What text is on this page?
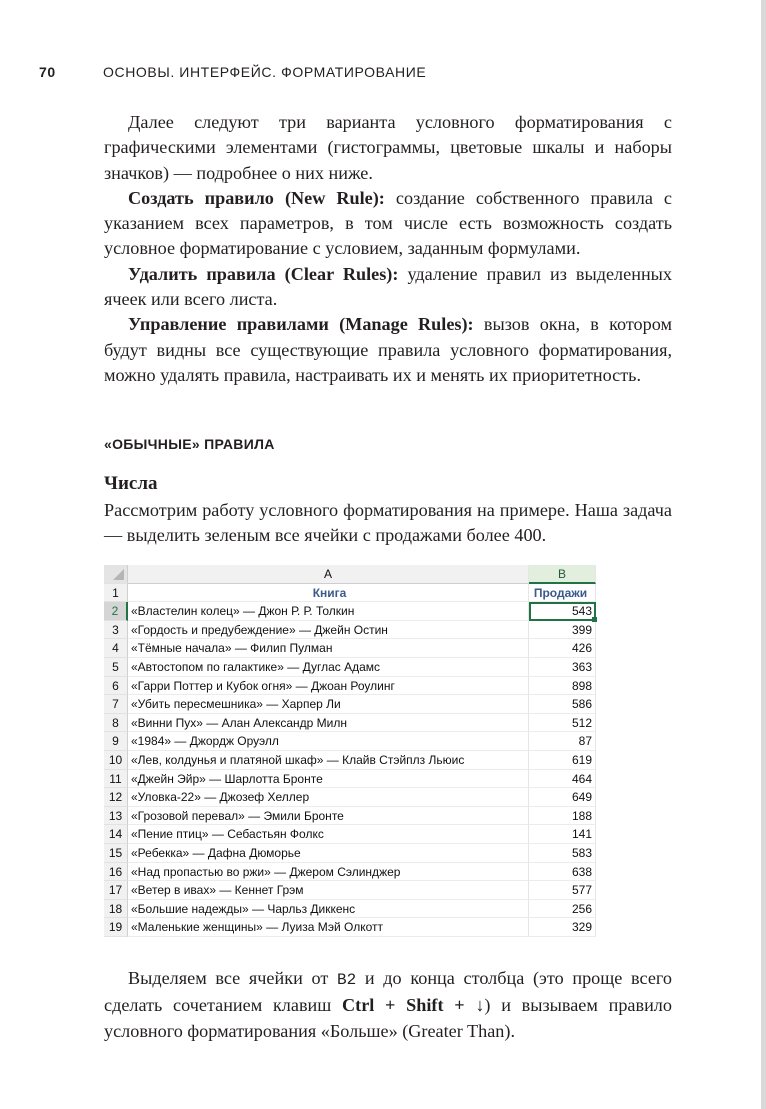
70	ОСНОВЫ. ИНТЕРФЕЙС. ФОРМАТИРОВАНИЕ

Далее следуют три варианта условного форматирования с графическими элементами (гистограммы, цветовые шкалы и наборы значков) — подробнее о них ниже.

Создать правило (New Rule): создание собственного правила с указанием всех параметров, в том числе есть возможность создать условное форматирование с условием, заданным формулами.

Удалить правила (Clear Rules): удаление правил из выделенных ячеек или всего листа.

Управление правилами (Manage Rules): вызов окна, в котором будут видны все существующие правила условного форматирования, можно удалять правила, настраивать их и менять их приоритетность.

«ОБЫЧНЫЕ» ПРАВИЛА
Числа
Рассмотрим работу условного форматирования на примере. Наша задача — выделить зеленым все ячейки с продажами более 400.
A	B
1	Книга	Продажи
2	«Властелин колец» — Джон Р. Р. Толкин	543
3	«Гордость и предубеждение» — Джейн Остин	399
4	«Тёмные начала» — Филип Пулман	426
5	«Автостопом по галактике» — Дуглас Адамс	363
6	«Гарри Поттер и Кубок огня» — Джоан Роулинг	898
7	«Убить пересмешника» — Харпер Ли	586
8	«Винни Пух» — Алан Александр Милн	512
9	«1984» — Джордж Оруэлл	87
10 «Лев, колдунья и платяной шкаф» — Клайв Стэйплз Льюис	619
11 «Джейн Эйр» — Шарлотта Бронте	464
12 «Уловка-22» — Джозеф Хеллер	649
13 «Грозовой перевал» — Эмили Бронте	188
14 «Пение птиц» — Себастьян Фолкс	141
15 «Ребекка» — Дафна Дюморье	583
16 «Над пропастью во ржи» — Джером Сэлинджер	638
17 «Ветер в ивах» — Кеннет Грэм	577
18 «Большие надежды» — Чарльз Диккенс	256
19 «Маленькие женщины» — Луиза Мэй Олкотт	329

Выделяем все ячейки от B2 и до конца столбца (это проще всего сделать сочетанием клавиш Ctrl + Shift + ↓) и вызываем правило условного форматирования «Больше» (Greater Than).
